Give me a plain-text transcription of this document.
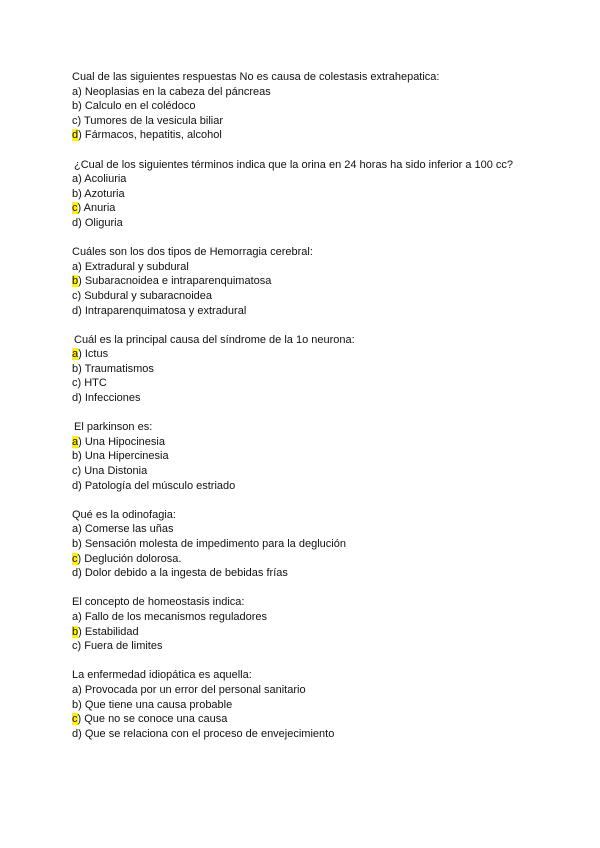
Cual de las siguientes respuestas No es causa de colestasis extrahepatica:
a) Neoplasias en la cabeza del páncreas
b) Calculo en el colédoco
c) Tumores de la vesicula biliar
d) Fármacos, hepatitis, alcohol
¿Cual de los siguientes términos indica que la orina en 24 horas ha sido inferior a 100 cc?
a) Acoliuria
b) Azoturia
c) Anuria
d) Oliguria
Cuáles son los dos tipos de Hemorragia cerebral:
a) Extradural y subdural
b) Subaracnoidea e intraparenquimatosa
c) Subdural y subaracnoidea
d) Intraparenquimatosa y extradural
Cuál es la principal causa del síndrome de la 1o neurona:
a) Ictus
b) Traumatismos
c) HTC
d) Infecciones
El parkinson es:
a) Una Hipocinesia
b) Una Hipercinesia
c) Una Distonia
d) Patología del músculo estriado
Qué es la odinofagia:
a) Comerse las uñas
b) Sensación molesta de impedimento para la deglución
c) Deglución dolorosa.
d) Dolor debido a la ingesta de bebidas frías
El concepto de homeostasis indica:
a) Fallo de los mecanismos reguladores
b) Estabilidad
c) Fuera de limites
La enfermedad idiopática es aquella:
a) Provocada por un error del personal sanitario
b) Que tiene una causa probable
c) Que no se conoce una causa
d) Que se relaciona con el proceso de envejecimiento
